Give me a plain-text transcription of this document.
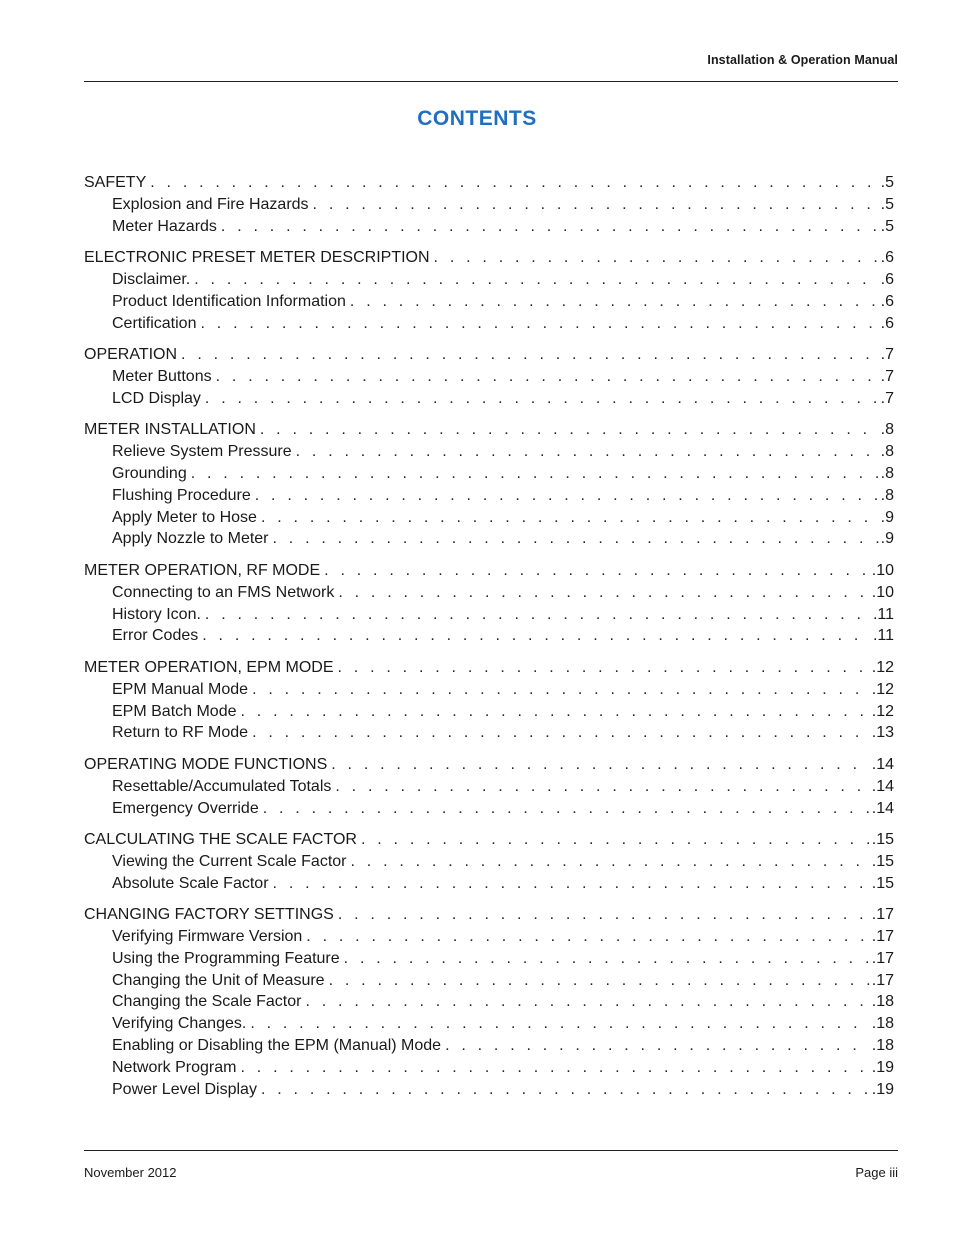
Installation & Operation Manual
CONTENTS
SAFETY . . .	.5
Explosion and Fire Hazards . . .	.5
Meter Hazards . . .	.5
ELECTRONIC PRESET METER DESCRIPTION . . .	.6
Disclaimer. . . .	.6
Product Identification Information . . .	.6
Certification . . .	.6
OPERATION . . .	.7
Meter Buttons . . .	.7
LCD Display . . .	.7
METER INSTALLATION . . .	.8
Relieve System Pressure . . .	.8
Grounding . . .	.8
Flushing Procedure . . .	.8
Apply Meter to Hose . . .	.9
Apply Nozzle to Meter . . .	.9
METER OPERATION, RF MODE . . .	.10
Connecting to an FMS Network . . .	.10
History Icon. . . .	.11
Error Codes . . .	.11
METER OPERATION, EPM MODE . . .	.12
EPM Manual Mode . . .	.12
EPM Batch Mode . . .	.12
Return to RF Mode . . .	.13
OPERATING MODE FUNCTIONS . . .	.14
Resettable/Accumulated Totals . . .	.14
Emergency Override . . .	.14
CALCULATING THE SCALE FACTOR . . .	.15
Viewing the Current Scale Factor . . .	.15
Absolute Scale Factor . . .	.15
CHANGING FACTORY SETTINGS . . .	.17
Verifying Firmware Version . . .	.17
Using the Programming Feature . . .	.17
Changing the Unit of Measure . . .	.17
Changing the Scale Factor . . .	.18
Verifying Changes. . . .	.18
Enabling or Disabling the EPM (Manual) Mode . . .	.18
Network Program . . .	.19
Power Level Display . . .	.19
November 2012	Page iii
